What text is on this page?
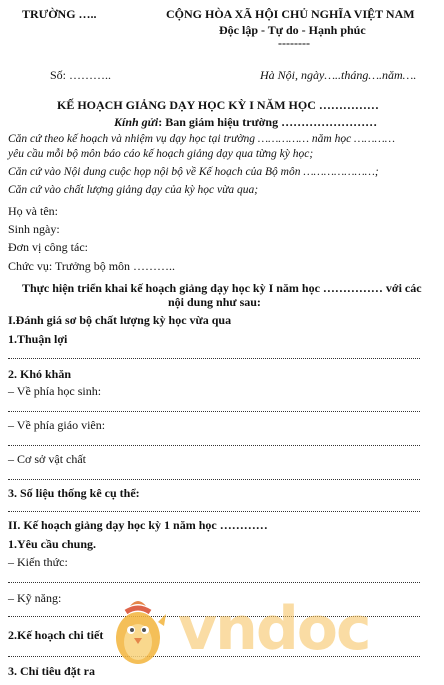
TRƯỜNG …..	CỘNG HÒA XÃ HỘI CHỦ NGHĨA VIỆT NAM
Độc lập - Tự do - Hạnh phúc
--------
Số: ………..	Hà Nội, ngày…..tháng….năm….
KẾ HOẠCH GIẢNG DẠY HỌC KỲ I NĂM HỌC ……………
Kính gửi: Ban giám hiệu trường ……………………
Căn cứ theo kế hoạch và nhiệm vụ dạy học tại trường …………… năm học …………
yêu cầu mỗi bộ môn báo cáo kế hoạch giảng dạy qua từng kỳ học;
Căn cứ vào Nội dung cuộc họp nội bộ về Kế hoạch của Bộ môn …………………;
Căn cứ vào chất lượng giảng dạy của kỳ học vừa qua;
Họ và tên:
Sinh ngày:
Đơn vị công tác:
Chức vụ: Trưởng bộ môn ………..
Thực hiện triển khai kế hoạch giảng dạy học kỳ I năm học …………… với các
nội dung như sau:
I.Đánh giá sơ bộ chất lượng kỳ học vừa qua
1.Thuận lợi
2. Khó khăn
– Về phía học sinh:
– Về phía giáo viên:
– Cơ sở vật chất
3. Số liệu thống kê cụ thể:
II. Kế hoạch giảng dạy học kỳ 1 năm học …………
1.Yêu cầu chung.
– Kiến thức:
– Kỹ năng:
2.Kế hoạch chi tiết
3. Chỉ tiêu đặt ra
vndoc
